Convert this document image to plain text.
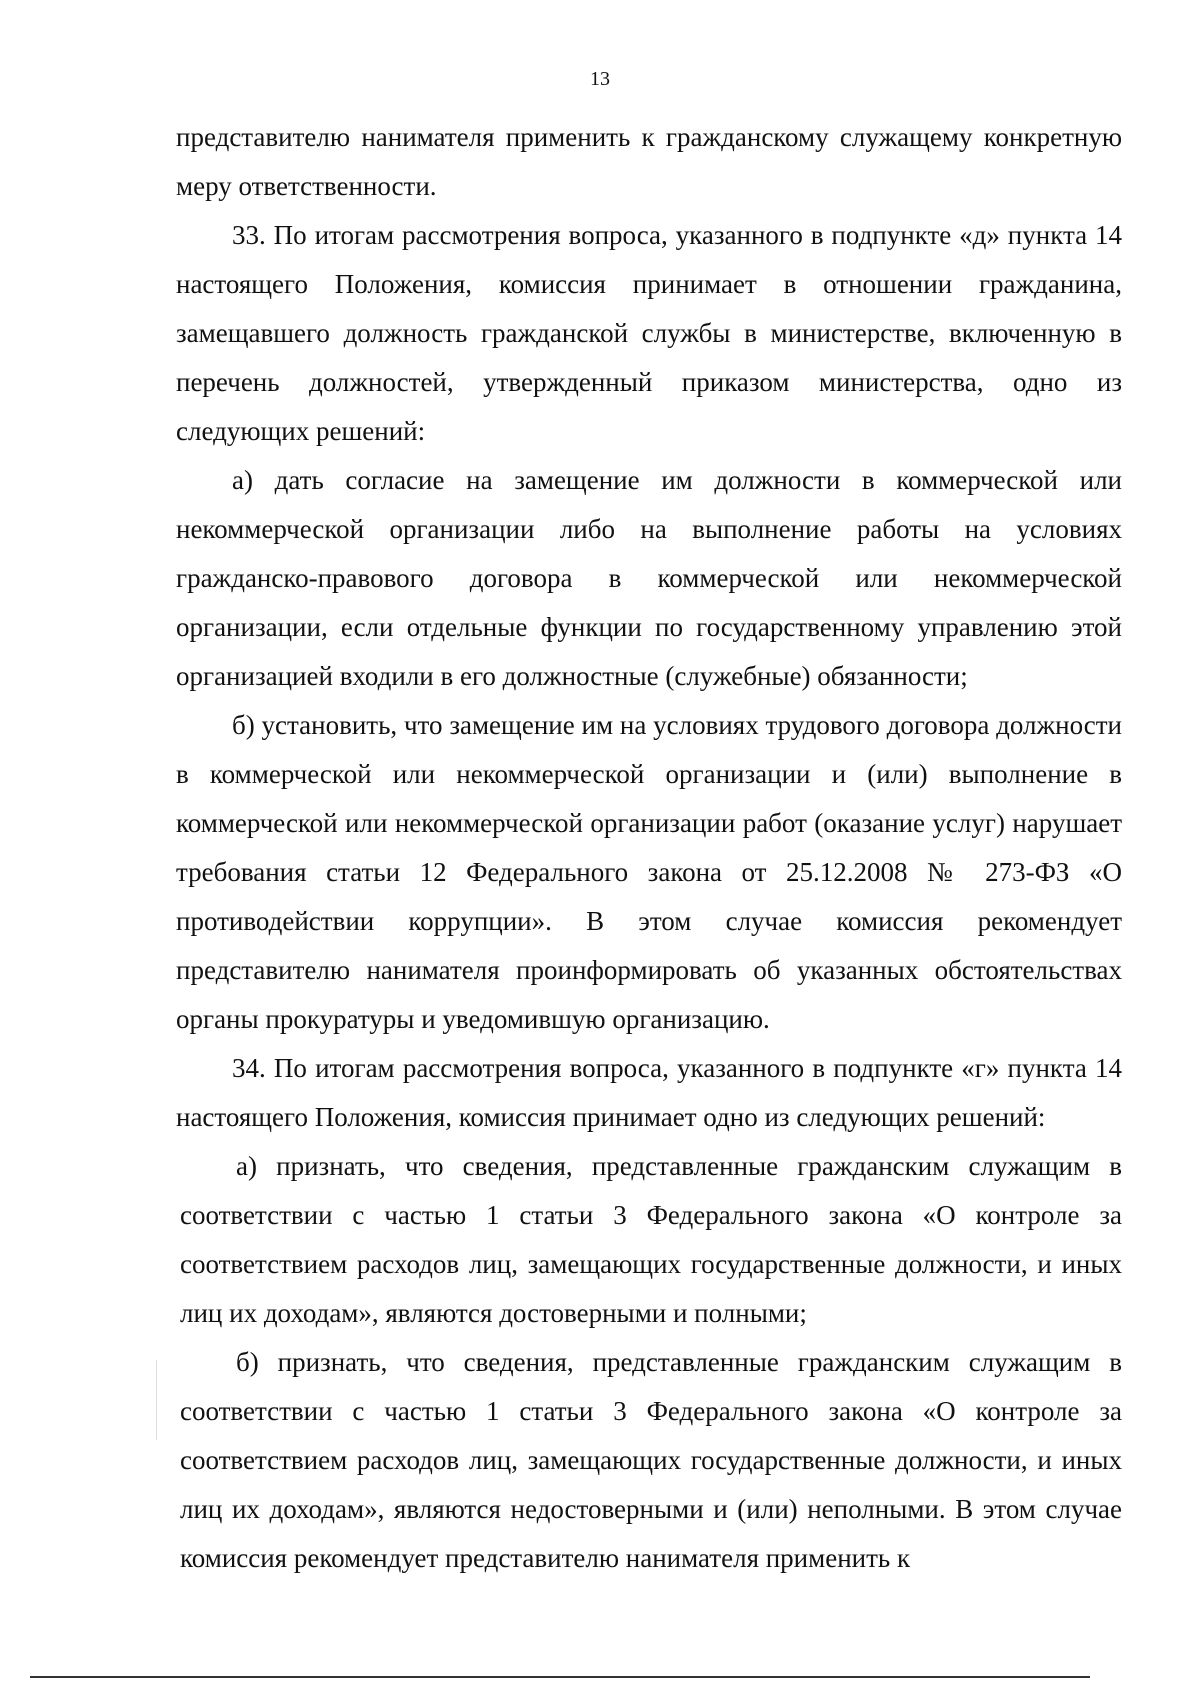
13

представителю нанимателя применить к гражданскому служащему конкретную меру ответственности.

33. По итогам рассмотрения вопроса, указанного в подпункте «д» пункта 14 настоящего Положения, комиссия принимает в отношении гражданина, замещавшего должность гражданской службы в министерстве, включенную в перечень должностей, утвержденный приказом министерства, одно из следующих решений:

а) дать согласие на замещение им должности в коммерческой или некоммерческой организации либо на выполнение работы на условиях гражданско-правового договора в коммерческой или некоммерческой организации, если отдельные функции по государственному управлению этой организацией входили в его должностные (служебные) обязанности;

б) установить, что замещение им на условиях трудового договора должности в коммерческой или некоммерческой организации и (или) выполнение в коммерческой или некоммерческой организации работ (оказание услуг) нарушает требования статьи 12 Федерального закона от 25.12.2008 № 273-ФЗ «О противодействии коррупции». В этом случае комиссия рекомендует представителю нанимателя проинформировать об указанных обстоятельствах органы прокуратуры и уведомившую организацию.

34. По итогам рассмотрения вопроса, указанного в подпункте «г» пункта 14 настоящего Положения, комиссия принимает одно из следующих решений:

а) признать, что сведения, представленные гражданским служащим в соответствии с частью 1 статьи 3 Федерального закона «О контроле за соответствием расходов лиц, замещающих государственные должности, и иных лиц их доходам», являются достоверными и полными;

б) признать, что сведения, представленные гражданским служащим в соответствии с частью 1 статьи 3 Федерального закона «О контроле за соответствием расходов лиц, замещающих государственные должности, и иных лиц их доходам», являются недостоверными и (или) неполными. В этом случае комиссия рекомендует представителю нанимателя применить к
